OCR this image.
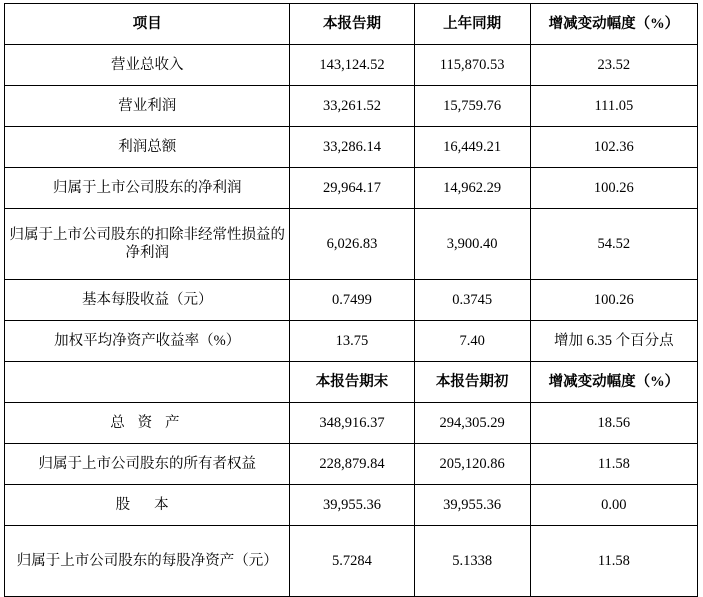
项目	本报告期	上年同期	增减变动幅度（%）
营业总收入	143,124.52	115,870.53	23.52
营业利润	33,261.52	15,759.76	111.05
利润总额	33,286.14	16,449.21	102.36
归属于上市公司股东的净利润	29,964.17	14,962.29	100.26
归属于上市公司股东的扣除非经常性损益的净利润	6,026.83	3,900.40	54.52
基本每股收益（元）	0.7499	0.3745	100.26
加权平均净资产收益率（%）	13.75	7.40	增加 6.35 个百分点
	本报告期末	本报告期初	增减变动幅度（%）
总 资 产	348,916.37	294,305.29	18.56
归属于上市公司股东的所有者权益	228,879.84	205,120.86	11.58
股 本	39,955.36	39,955.36	0.00
归属于上市公司股东的每股净资产（元）	5.7284	5.1338	11.58
